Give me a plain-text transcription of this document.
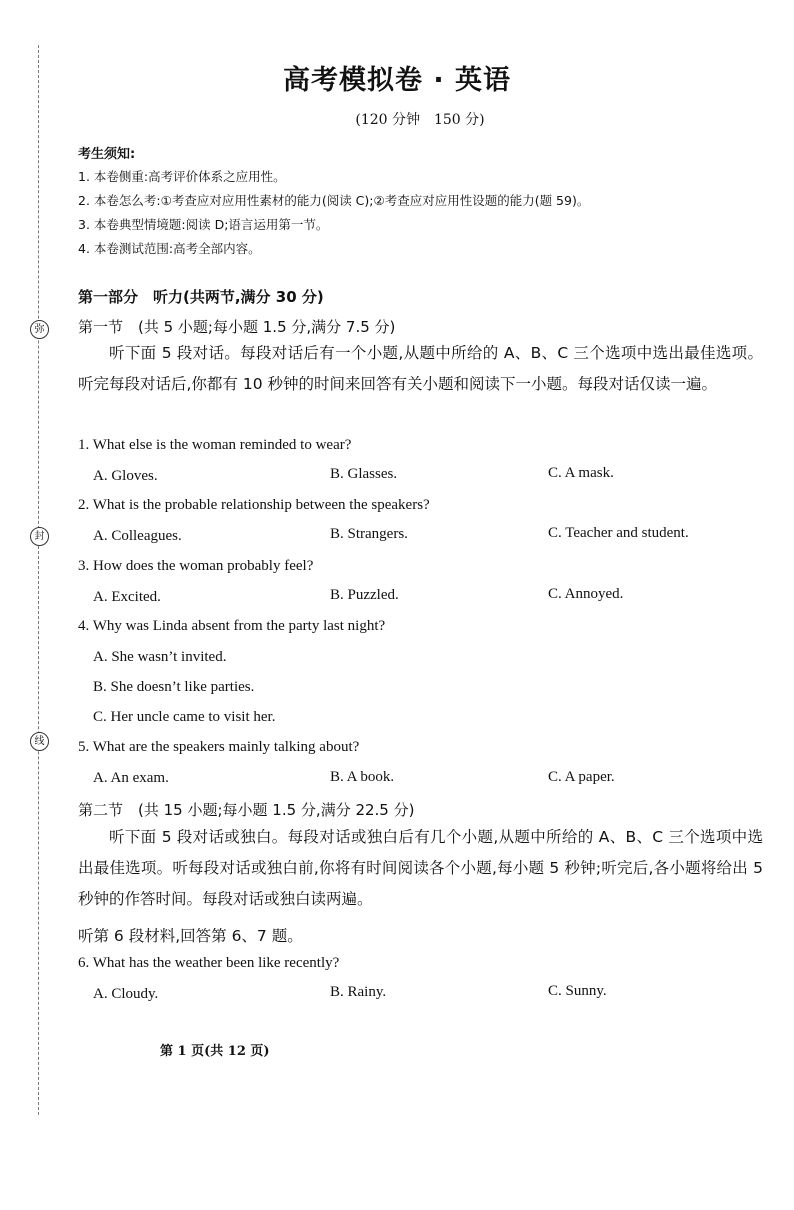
弥
封
线
高考模拟卷 · 英语
(120 分钟　150 分)
考生须知:
1. 本卷侧重:高考评价体系之应用性。
2. 本卷怎么考:①考查应对应用性素材的能力(阅读 C);②考查应对应用性设题的能力(题 59)。
3. 本卷典型情境题:阅读 D;语言运用第一节。
4. 本卷测试范围:高考全部内容。
第一部分　听力(共两节,满分 30 分)
第一节　(共 5 小题;每小题 1.5 分,满分 7.5 分)
听下面 5 段对话。每段对话后有一个小题,从题中所给的 A、B、C 三个选项中选出最佳选项。听完每段对话后,你都有 10 秒钟的时间来回答有关小题和阅读下一小题。每段对话仅读一遍。
1. What else is the woman reminded to wear?
A. Gloves.	B. Glasses.	C. A mask.
2. What is the probable relationship between the speakers?
A. Colleagues.	B. Strangers.	C. Teacher and student.
3. How does the woman probably feel?
A. Excited.	B. Puzzled.	C. Annoyed.
4. Why was Linda absent from the party last night?
A. She wasn’t invited.
B. She doesn’t like parties.
C. Her uncle came to visit her.
5. What are the speakers mainly talking about?
A. An exam.	B. A book.	C. A paper.
第二节　(共 15 小题;每小题 1.5 分,满分 22.5 分)
听下面 5 段对话或独白。每段对话或独白后有几个小题,从题中所给的 A、B、C 三个选项中选出最佳选项。听每段对话或独白前,你将有时间阅读各个小题,每小题 5 秒钟;听完后,各小题将给出 5 秒钟的作答时间。每段对话或独白读两遍。
听第 6 段材料,回答第 6、7 题。
6. What has the weather been like recently?
A. Cloudy.	B. Rainy.	C. Sunny.
第 1 页(共 12 页)
